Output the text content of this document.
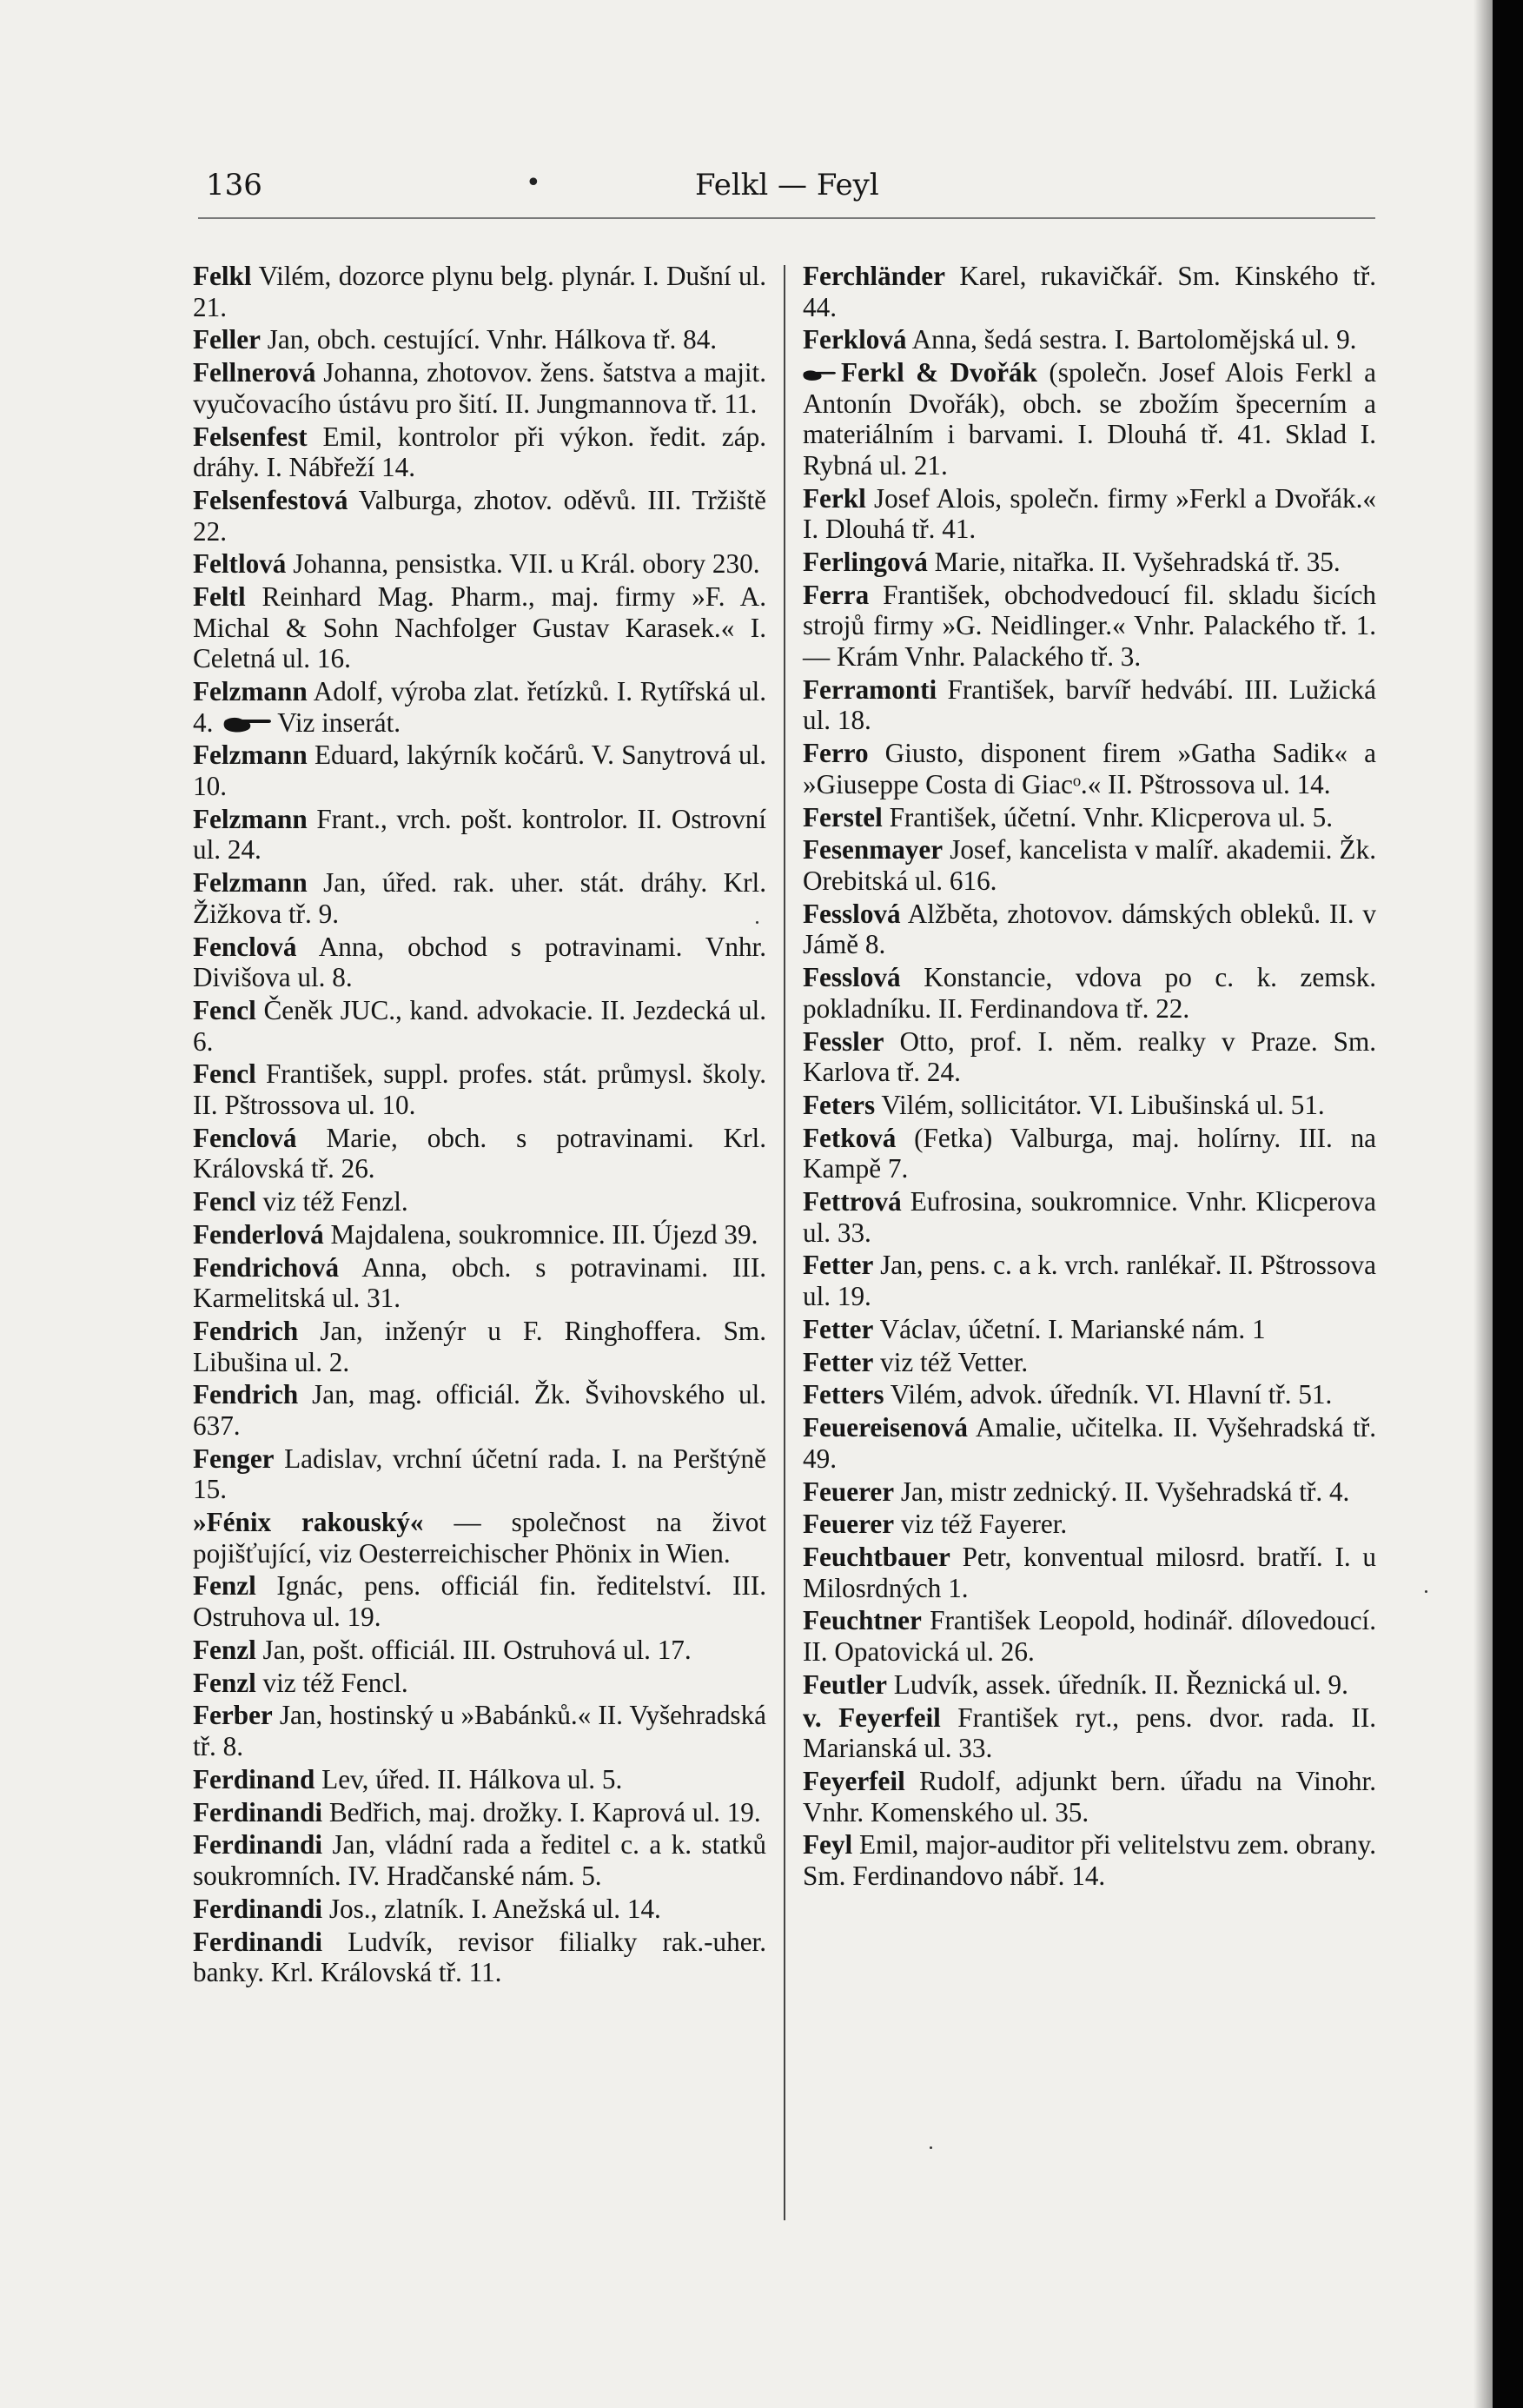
136	•	Felkl — Feyl

Felkl Vilém, dozorce plynu belg. plynár. I. Dušní ul. 21.

Feller Jan, obch. cestující. Vnhr. Hálkova tř. 84.

Fellnerová Johanna, zhotovov. žens. šatstva a majit. vyučovacího ústávu pro šití. II. Jungmannova tř. 11.

Felsenfest Emil, kontrolor při výkon. ředit. záp. dráhy. I. Nábřeží 14.

Felsenfestová Valburga, zhotov. oděvů. III. Tržiště 22.

Feltlová Johanna, pensistka. VII. u Král. obory 230.

Feltl Reinhard Mag. Pharm., maj. firmy »F. A. Michal & Sohn Nachfolger Gustav Karasek.« I. Celetná ul. 16.

Felzmann Adolf, výroba zlat. řetízků. I. Rytířská ul. 4. Viz inserát.

Felzmann Eduard, lakýrník kočárů. V. Sanytrová ul. 10.

Felzmann Frant., vrch. pošt. kontrolor. II. Ostrovní ul. 24.

Felzmann Jan, úřed. rak. uher. stát. dráhy. Krl. Žižkova tř. 9.

Fenclová Anna, obchod s potravinami. Vnhr. Divišova ul. 8.

Fencl Čeněk JUC., kand. advokacie. II. Jezdecká ul. 6.

Fencl František, suppl. profes. stát. průmysl. školy. II. Pštrossova ul. 10.

Fenclová Marie, obch. s potravinami. Krl. Královská tř. 26.

Fencl viz též Fenzl.

Fenderlová Majdalena, soukromnice. III. Újezd 39.

Fendrichová Anna, obch. s potravinami. III. Karmelitská ul. 31.

Fendrich Jan, inženýr u F. Ringhoffera. Sm. Libušina ul. 2.

Fendrich Jan, mag. officiál. Žk. Švihovského ul. 637.

Fenger Ladislav, vrchní účetní rada. I. na Perštýně 15.

»Fénix rakouský« — společnost na život pojišťující, viz Oesterreichischer Phönix in Wien.

Fenzl Ignác, pens. officiál fin. ředitelství. III. Ostruhova ul. 19.

Fenzl Jan, pošt. officiál. III. Ostruhová ul. 17.

Fenzl viz též Fencl.

Ferber Jan, hostinský u »Babánků.« II. Vyšehradská tř. 8.

Ferdinand Lev, úřed. II. Hálkova ul. 5.

Ferdinandi Bedřich, maj. drožky. I. Kaprová ul. 19.

Ferdinandi Jan, vládní rada a ředitel c. a k. statků soukromních. IV. Hradčanské nám. 5.

Ferdinandi Jos., zlatník. I. Anežská ul. 14.

Ferdinandi Ludvík, revisor filialky rak.-uher. banky. Krl. Královská tř. 11.

Ferchländer Karel, rukavičkář. Sm. Kinského tř. 44.

Ferklová Anna, šedá sestra. I. Bartolomějská ul. 9.

Ferkl & Dvořák (společn. Josef Alois Ferkl a Antonín Dvořák), obch. se zbožím špecerním a materiálním i barvami. I. Dlouhá tř. 41. Sklad I. Rybná ul. 21.

Ferkl Josef Alois, společn. firmy »Ferkl a Dvořák.« I. Dlouhá tř. 41.

Ferlingová Marie, nitařka. II. Vyšehradská tř. 35.

Ferra František, obchodvedoucí fil. skladu šicích strojů firmy »G. Neidlinger.« Vnhr. Palackého tř. 1. — Krám Vnhr. Palackého tř. 3.

Ferramonti František, barvíř hedvábí. III. Lužická ul. 18.

Ferro Giusto, disponent firem »Gatha Sadik« a »Giuseppe Costa di Giacᵒ.« II. Pštrossova ul. 14.

Ferstel František, účetní. Vnhr. Klicperova ul. 5.

Fesenmayer Josef, kancelista v malíř. akademii. Žk. Orebitská ul. 616.

Fesslová Alžběta, zhotovov. dámských obleků. II. v Jámě 8.

Fesslová Konstancie, vdova po c. k. zemsk. pokladníku. II. Ferdinandova tř. 22.

Fessler Otto, prof. I. něm. realky v Praze. Sm. Karlova tř. 24.

Feters Vilém, sollicitátor. VI. Libušinská ul. 51.

Fetková (Fetka) Valburga, maj. holírny. III. na Kampě 7.

Fettrová Eufrosina, soukromnice. Vnhr. Klicperova ul. 33.

Fetter Jan, pens. c. a k. vrch. ranlékař. II. Pštrossova ul. 19.

Fetter Václav, účetní. I. Marianské nám. 1

Fetter viz též Vetter.

Fetters Vilém, advok. úředník. VI. Hlavní tř. 51.

Feuereisenová Amalie, učitelka. II. Vyšehradská tř. 49.

Feuerer Jan, mistr zednický. II. Vyšehradská tř. 4.

Feuerer viz též Fayerer.

Feuchtbauer Petr, konventual milosrd. bratří. I. u Milosrdných 1.

Feuchtner František Leopold, hodinář. dílovedoucí. II. Opatovická ul. 26.

Feutler Ludvík, assek. úředník. II. Řeznická ul. 9.

v. Feyerfeil František ryt., pens. dvor. rada. II. Marianská ul. 33.

Feyerfeil Rudolf, adjunkt bern. úřadu na Vinohr. Vnhr. Komenského ul. 35.

Feyl Emil, major-auditor při velitelstvu zem. obrany. Sm. Ferdinandovo nábř. 14.
